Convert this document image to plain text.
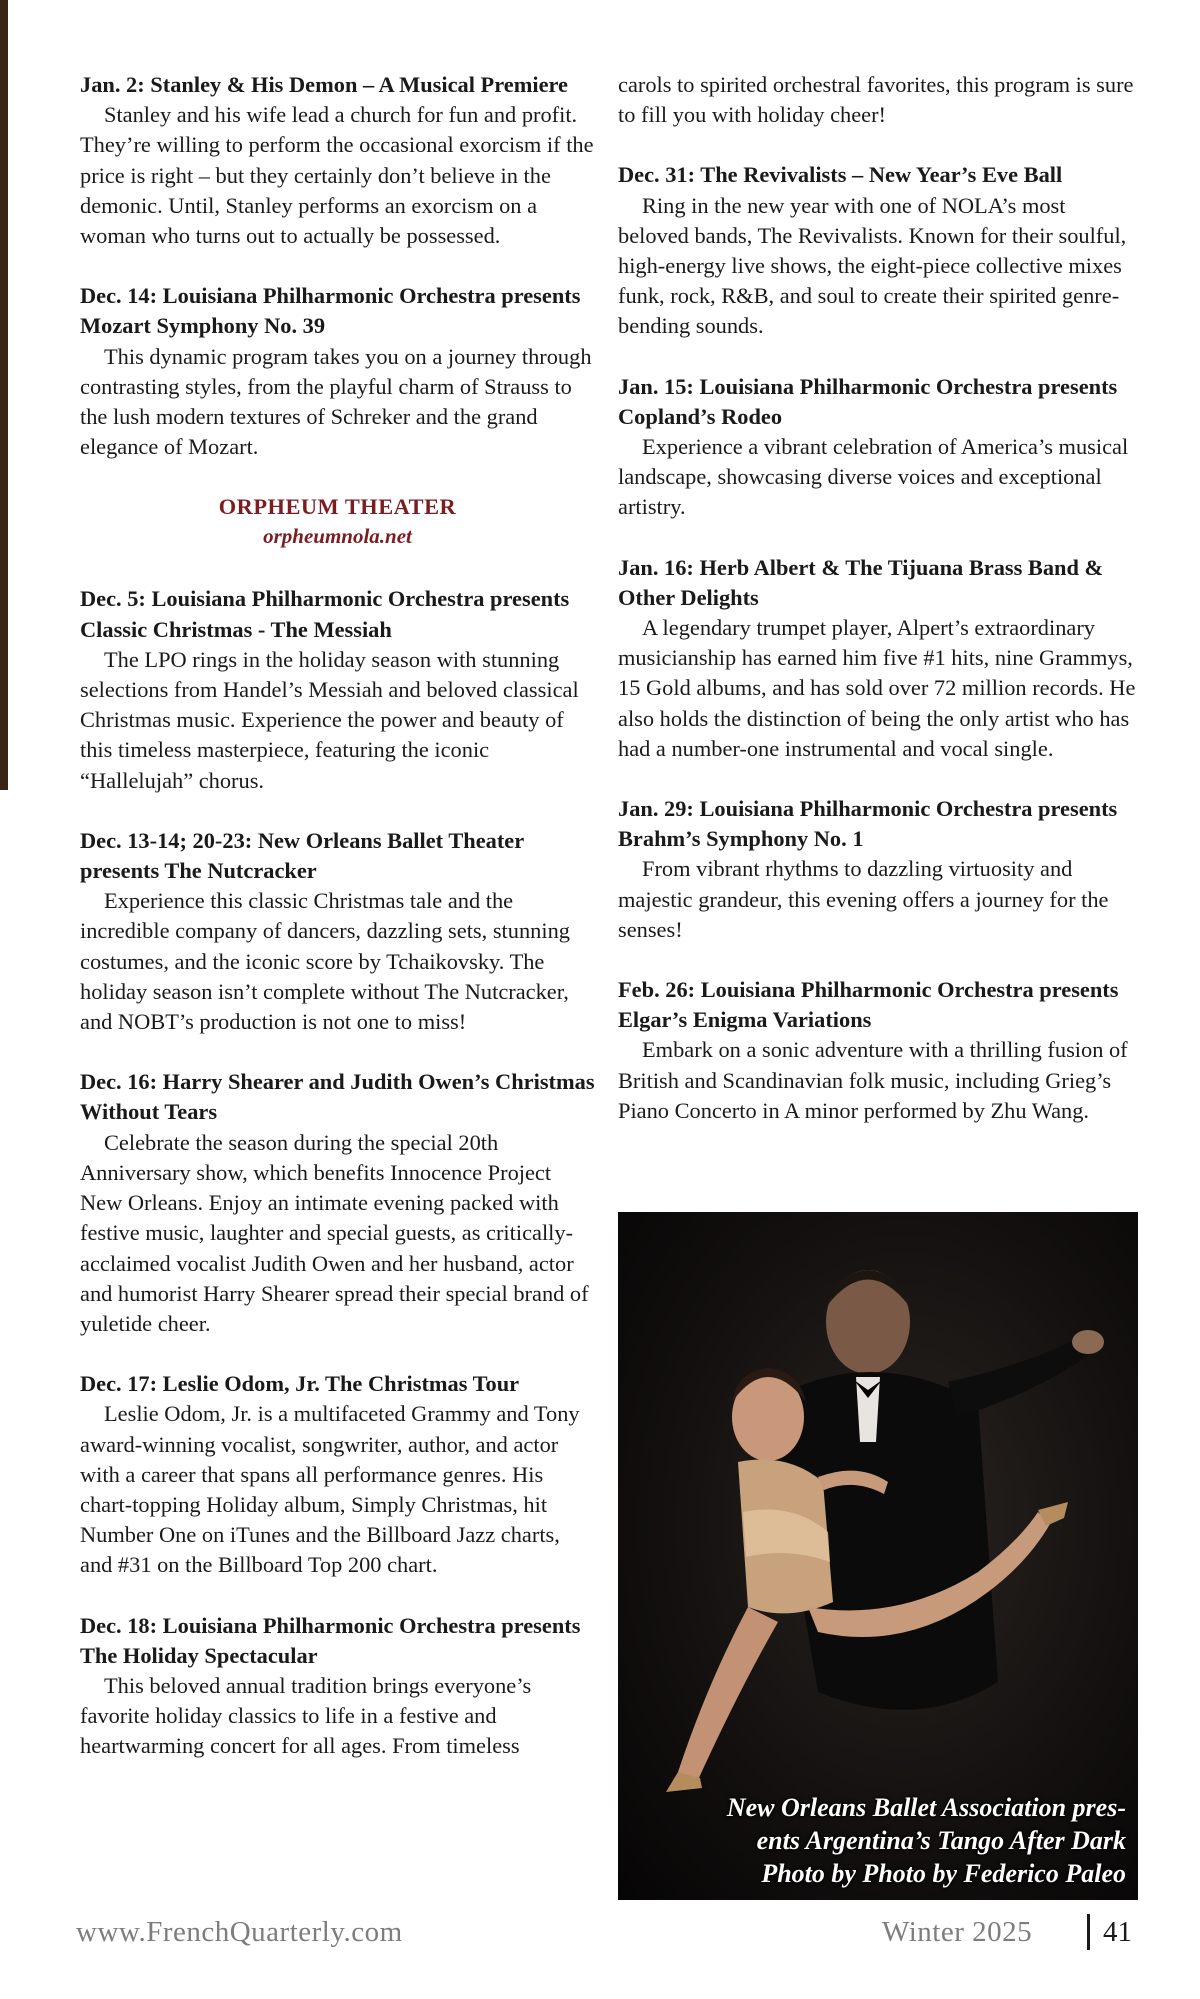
Jan. 2: Stanley & His Demon – A Musical Premiere

Stanley and his wife lead a church for fun and profit. They’re willing to perform the occasional exorcism if the price is right – but they certainly don’t believe in the demonic. Until, Stanley performs an exorcism on a woman who turns out to actually be possessed.

Dec. 14: Louisiana Philharmonic Orchestra presents Mozart Symphony No. 39

This dynamic program takes you on a journey through contrasting styles, from the playful charm of Strauss to the lush modern textures of Schreker and the grand elegance of Mozart.

ORPHEUM THEATER
orpheumnola.net
Dec. 5: Louisiana Philharmonic Orchestra presents Classic Christmas - The Messiah

The LPO rings in the holiday season with stunning selections from Handel’s Messiah and beloved classical Christmas music. Experience the power and beauty of this timeless masterpiece, featuring the iconic “Hallelujah” chorus.

Dec. 13-14; 20-23: New Orleans Ballet Theater presents The Nutcracker

Experience this classic Christmas tale and the incredible company of dancers, dazzling sets, stunning costumes, and the iconic score by Tchaikovsky. The holiday season isn’t complete without The Nutcracker, and NOBT’s production is not one to miss!

Dec. 16: Harry Shearer and Judith Owen’s Christmas Without Tears

Celebrate the season during the special 20th Anniversary show, which benefits Innocence Project New Orleans. Enjoy an intimate evening packed with festive music, laughter and special guests, as critically-acclaimed vocalist Judith Owen and her husband, actor and humorist Harry Shearer spread their special brand of yuletide cheer.

Dec. 17: Leslie Odom, Jr. The Christmas Tour

Leslie Odom, Jr. is a multifaceted Grammy and Tony award-winning vocalist, songwriter, author, and actor with a career that spans all performance genres. His chart-topping Holiday album, Simply Christmas, hit Number One on iTunes and the Billboard Jazz charts, and #31 on the Billboard Top 200 chart.

Dec. 18: Louisiana Philharmonic Orchestra presents The Holiday Spectacular

This beloved annual tradition brings everyone’s favorite holiday classics to life in a festive and heartwarming concert for all ages. From timeless

carols to spirited orchestral favorites, this program is sure to fill you with holiday cheer!

Dec. 31: The Revivalists – New Year’s Eve Ball

Ring in the new year with one of NOLA’s most beloved bands, The Revivalists. Known for their soulful, high-energy live shows, the eight-piece collective mixes funk, rock, R&B, and soul to create their spirited genre-bending sounds.

Jan. 15: Louisiana Philharmonic Orchestra presents Copland’s Rodeo

Experience a vibrant celebration of America’s musical landscape, showcasing diverse voices and exceptional artistry.

Jan. 16: Herb Albert & The Tijuana Brass Band & Other Delights

A legendary trumpet player, Alpert’s extraordinary musicianship has earned him five #1 hits, nine Grammys, 15 Gold albums, and has sold over 72 million records. He also holds the distinction of being the only artist who has had a number-one instrumental and vocal single.

Jan. 29: Louisiana Philharmonic Orchestra presents Brahm’s Symphony No. 1

From vibrant rhythms to dazzling virtuosity and majestic grandeur, this evening offers a journey for the senses!

Feb. 26: Louisiana Philharmonic Orchestra presents Elgar’s Enigma Variations

Embark on a sonic adventure with a thrilling fusion of British and Scandinavian folk music, including Grieg’s Piano Concerto in A minor performed by Zhu Wang.

New Orleans Ballet Association pres-
ents Argentina’s Tango After Dark
Photo by Photo by Federico Paleo
www.FrenchQuarterly.com	Winter 2025 41
